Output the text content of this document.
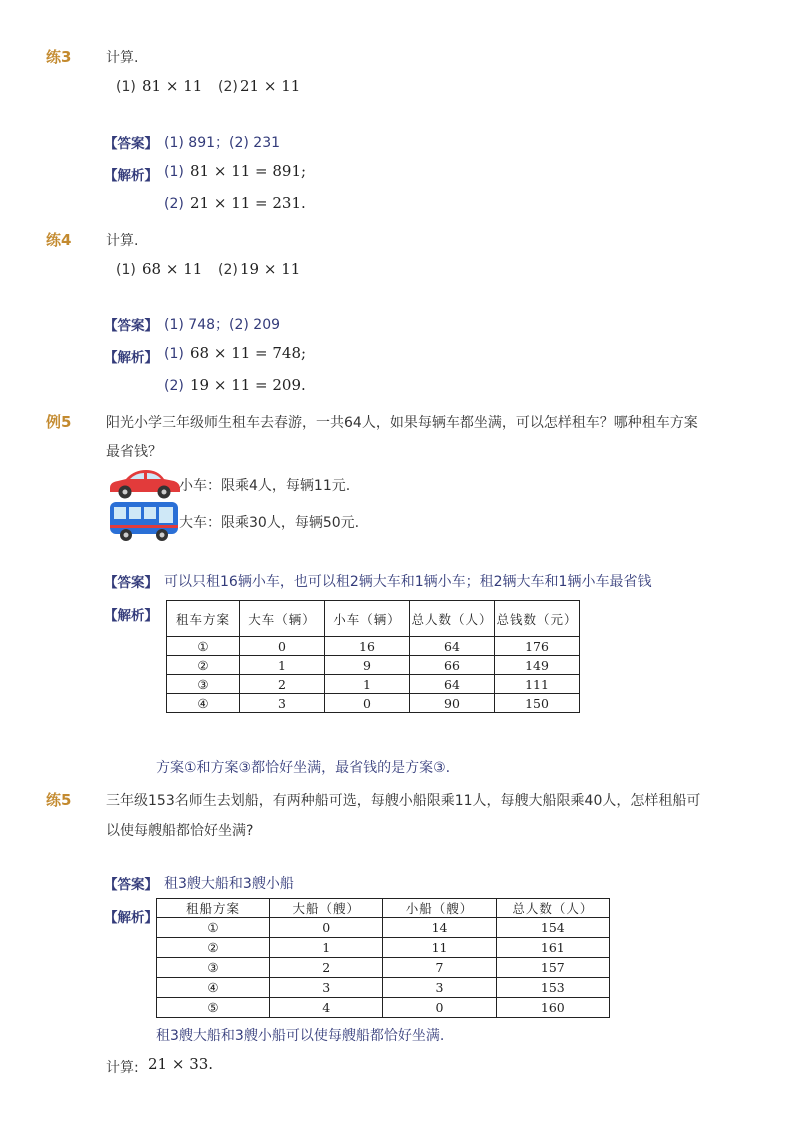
练3 计算.
(1) 81 × 11 (2) 21 × 11
【答案】 (1) 891；(2) 231
【解析】 (1) 81 × 11 = 891;
(2) 21 × 11 = 231.
练4 计算.
(1) 68 × 11 (2) 19 × 11
【答案】 (1) 748；(2) 209
【解析】 (1) 68 × 11 = 748;
(2) 19 × 11 = 209.
例5 阳光小学三年级师生租车去春游，一共64人，如果每辆车都坐满，可以怎样租车？哪种租车方案
最省钱？
小车：限乘4人，每辆11元.
大车：限乘30人，每辆50元.
【答案】 可以只租16辆小车，也可以租2辆大车和1辆小车；租2辆大车和1辆小车最省钱
【解析】 租车方案	大车（辆）	小车（辆）	总人数（人）	总钱数（元）
①	0	16	64	176
②	1	9	66	149
③	2	1	64	111
④	3	0	90	150
方案①和方案③都恰好坐满，最省钱的是方案③.
练5 三年级153名师生去划船，有两种船可选，每艘小船限乘11人，每艘大船限乘40人，怎样租船可
以使每艘船都恰好坐满?
【答案】 租3艘大船和3艘小船
【解析】
租船方案	大船（艘）	小船（艘）	总人数（人）
①	0	14	154
②	1	11	161
③	2	7	157
④	3	3	153
⑤	4	0	160
租3艘大船和3艘小船可以使每艘船都恰好坐满.
计算: 21 × 33.
